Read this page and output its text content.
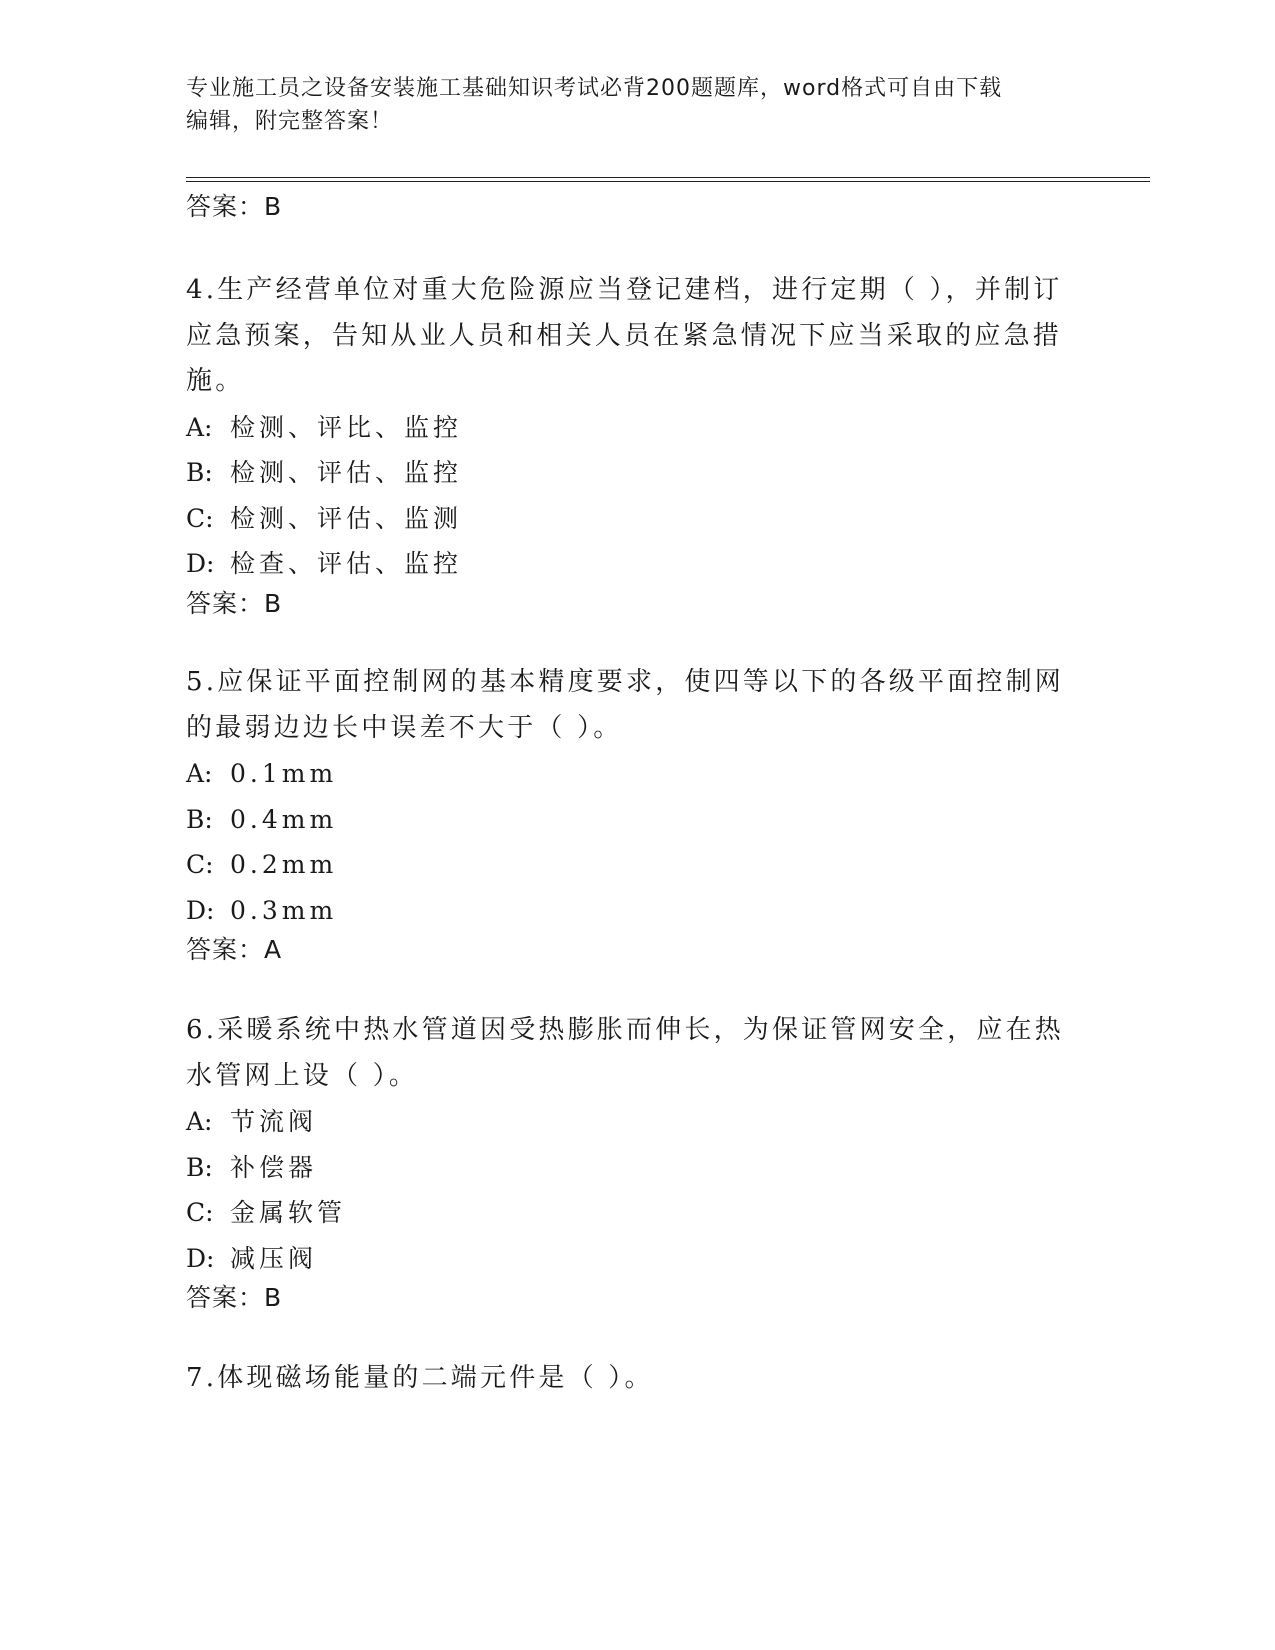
专业施工员之设备安装施工基础知识考试必背200题题库，word格式可自由下载
编辑，附完整答案！
答案：B
4.生产经营单位对重大危险源应当登记建档，进行定期（ ），并制订应急预案，告知从业人员和相关人员在紧急情况下应当采取的应急措施。
A: 检测、评比、监控
B: 检测、评估、监控
C: 检测、评估、监测
D: 检查、评估、监控
答案：B
5.应保证平面控制网的基本精度要求，使四等以下的各级平面控制网的最弱边边长中误差不大于（ ）。
A: 0.1mm
B: 0.4mm
C: 0.2mm
D: 0.3mm
答案：A
6.采暖系统中热水管道因受热膨胀而伸长，为保证管网安全，应在热水管网上设（ ）。
A: 节流阀
B: 补偿器
C: 金属软管
D: 减压阀
答案：B
7.体现磁场能量的二端元件是（ ）。
